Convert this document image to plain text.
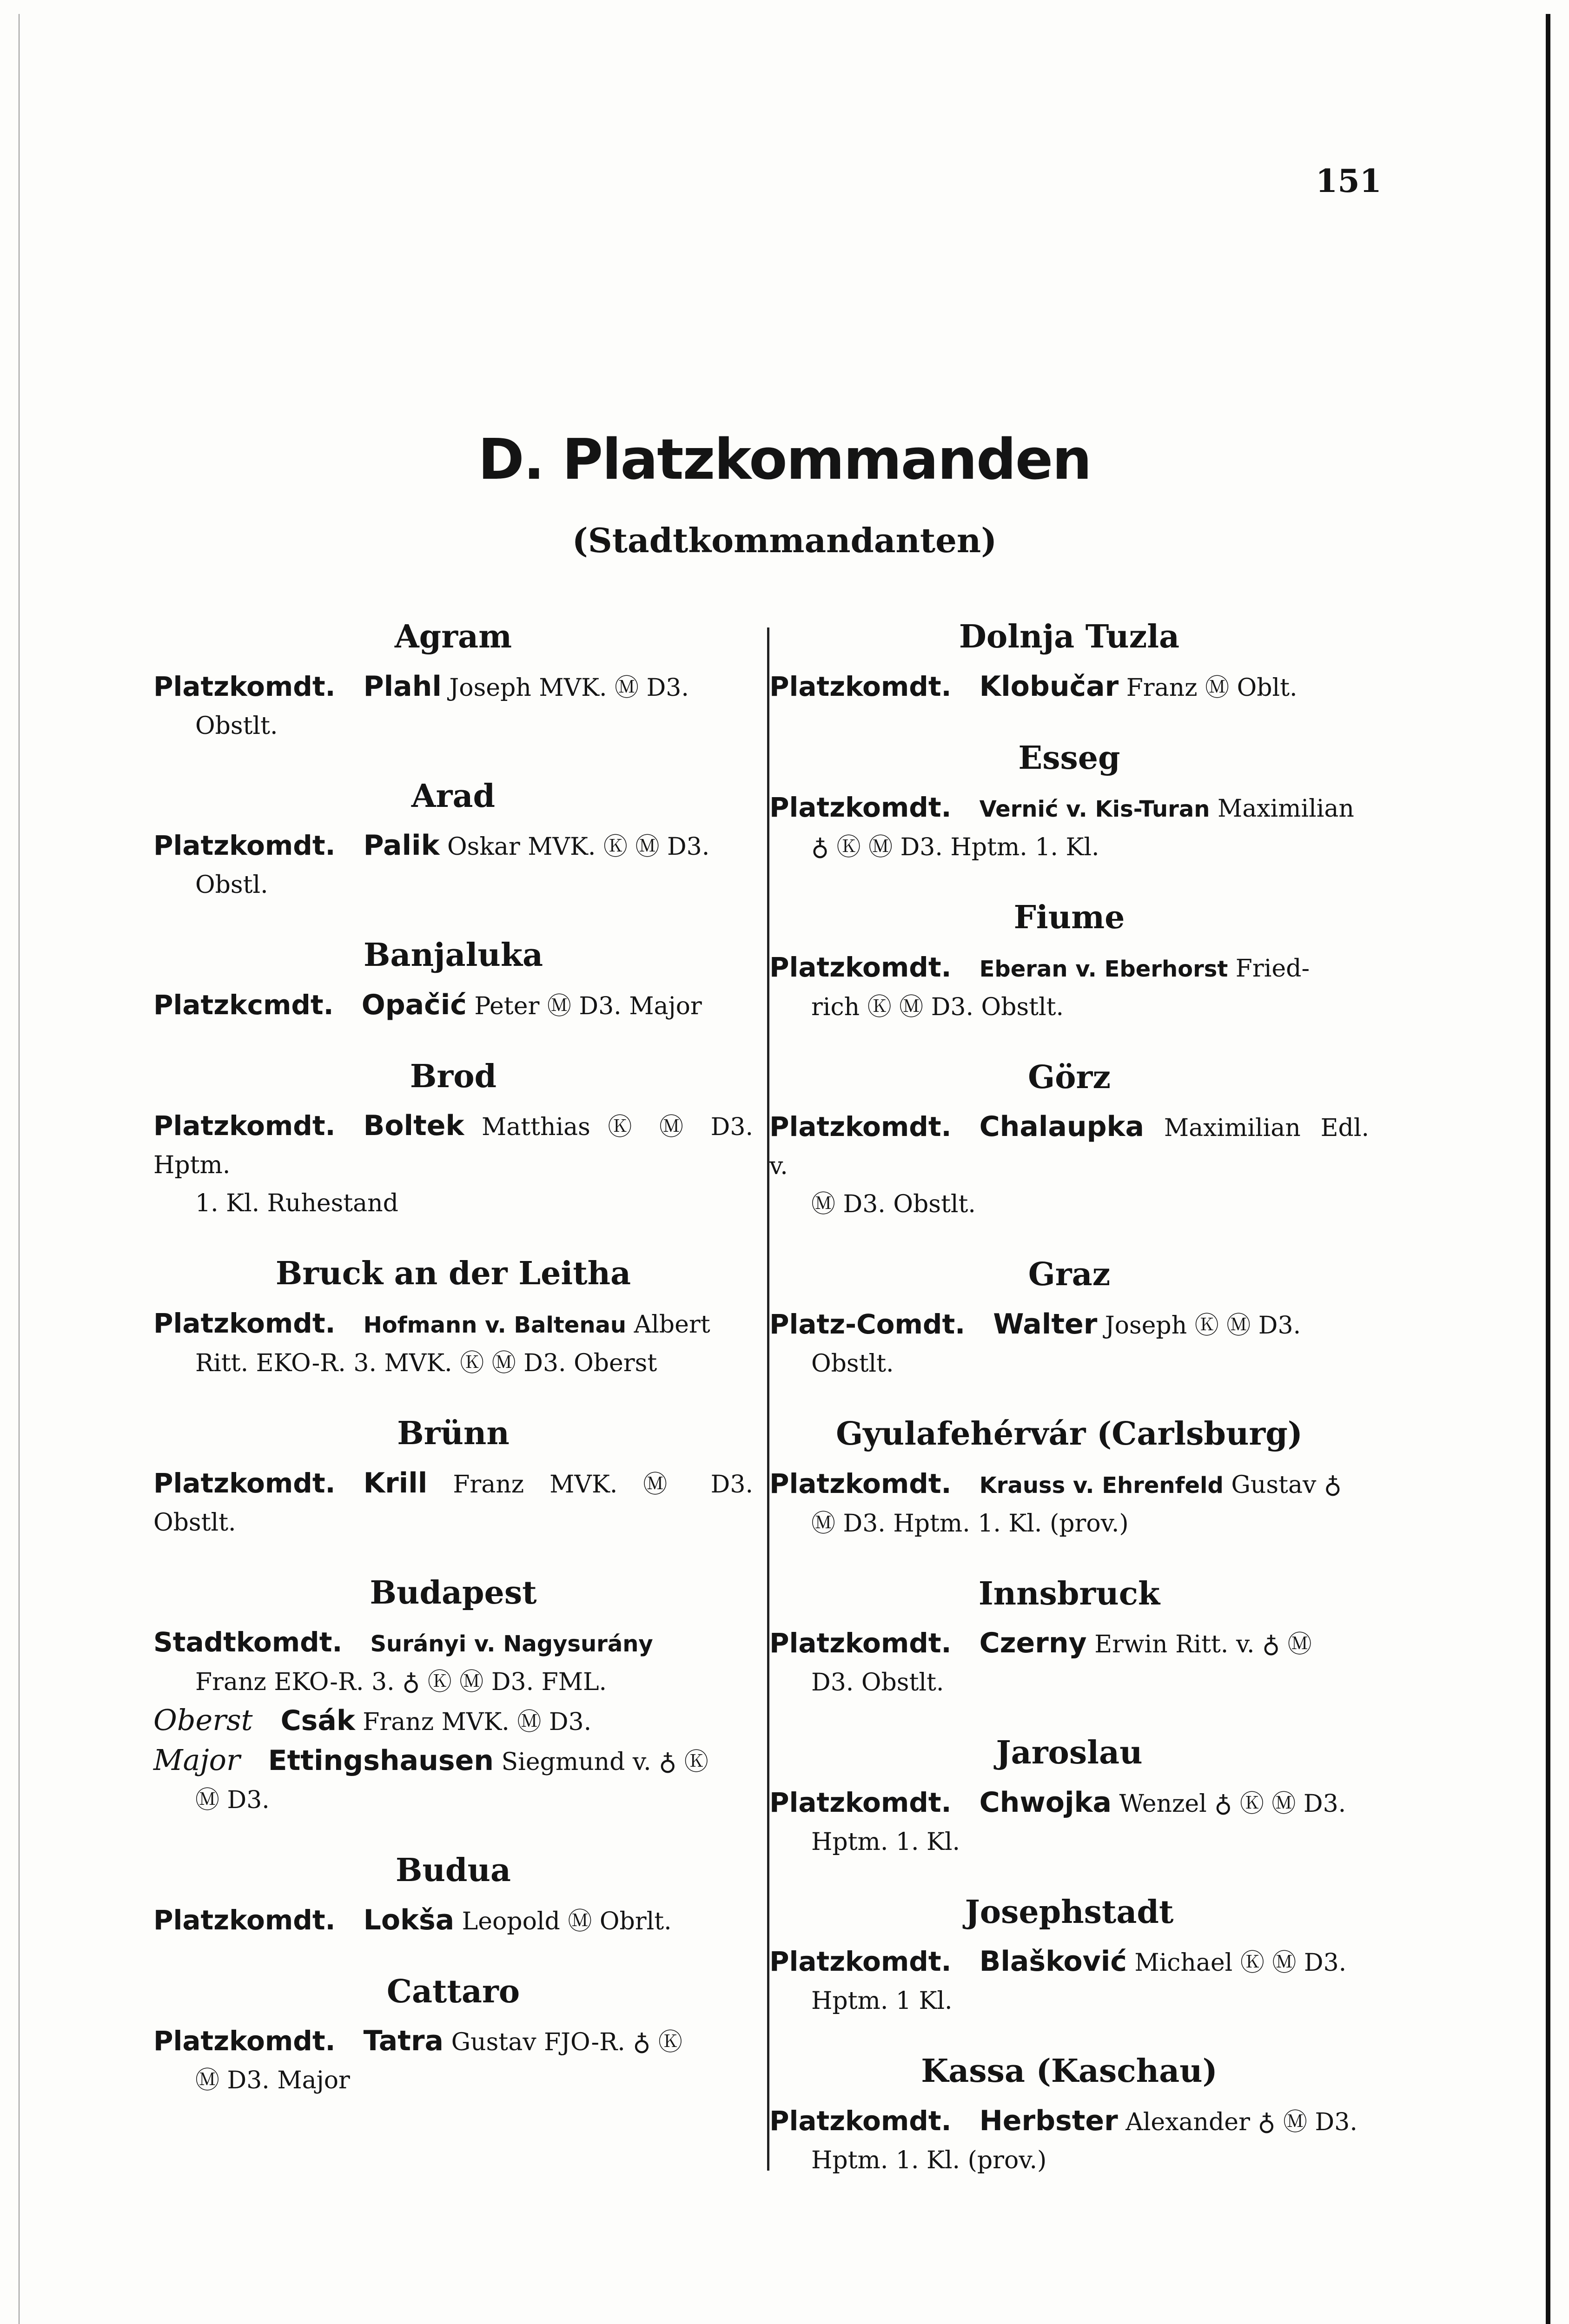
151
D. Platzkommanden
(Stadtkommandanten)
Agram
Platzkomdt. Plahl Joseph MVK. Ⓜ D3.
Obstlt.
Arad
Platzkomdt. Palik Oskar MVK. Ⓚ Ⓜ D3.
Obstl.
Banjaluka
Platzkcmdt. Opačić Peter Ⓜ D3. Major
Brod
Platzkomdt. Boltek Matthias Ⓚ Ⓜ D3. Hptm.
1. Kl. Ruhestand
Bruck an der Leitha
Platzkomdt. Hofmann v. Baltenau Albert
Ritt. EKO-R. 3. MVK. Ⓚ Ⓜ D3. Oberst
Brünn
Platzkomdt. Krill Franz MVK. Ⓜ D3. Obstlt.
Budapest
Stadtkomdt. Surányi v. Nagysurány
Franz EKO-R. 3. ♁ Ⓚ Ⓜ D3. FML.
Oberst Csák Franz MVK. Ⓜ D3.
Major Ettingshausen Siegmund v. ♁ Ⓚ
Ⓜ D3.
Budua
Platzkomdt. Lokša Leopold Ⓜ Obrlt.
Cattaro
Platzkomdt. Tatra Gustav FJO-R. ♁ Ⓚ
Ⓜ D3. Major
Dolnja Tuzla
Platzkomdt. Klobučar Franz Ⓜ Oblt.
Esseg
Platzkomdt. Vernić v. Kis-Turan Maximilian
♁ Ⓚ Ⓜ D3. Hptm. 1. Kl.
Fiume
Platzkomdt. Eberan v. Eberhorst Fried-
rich Ⓚ Ⓜ D3. Obstlt.
Görz
Platzkomdt. Chalaupka Maximilian Edl. v.
Ⓜ D3. Obstlt.
Graz
Platz-Comdt. Walter Joseph Ⓚ Ⓜ D3.
Obstlt.
Gyulafehérvár (Carlsburg)
Platzkomdt. Krauss v. Ehrenfeld Gustav ♁
Ⓜ D3. Hptm. 1. Kl. (prov.)
Innsbruck
Platzkomdt. Czerny Erwin Ritt. v. ♁ Ⓜ
D3. Obstlt.
Jaroslau
Platzkomdt. Chwojka Wenzel ♁ Ⓚ Ⓜ D3.
Hptm. 1. Kl.
Josephstadt
Platzkomdt. Blašković Michael Ⓚ Ⓜ D3.
Hptm. 1 Kl.
Kassa (Kaschau)
Platzkomdt. Herbster Alexander ♁ Ⓜ D3.
Hptm. 1. Kl. (prov.)
